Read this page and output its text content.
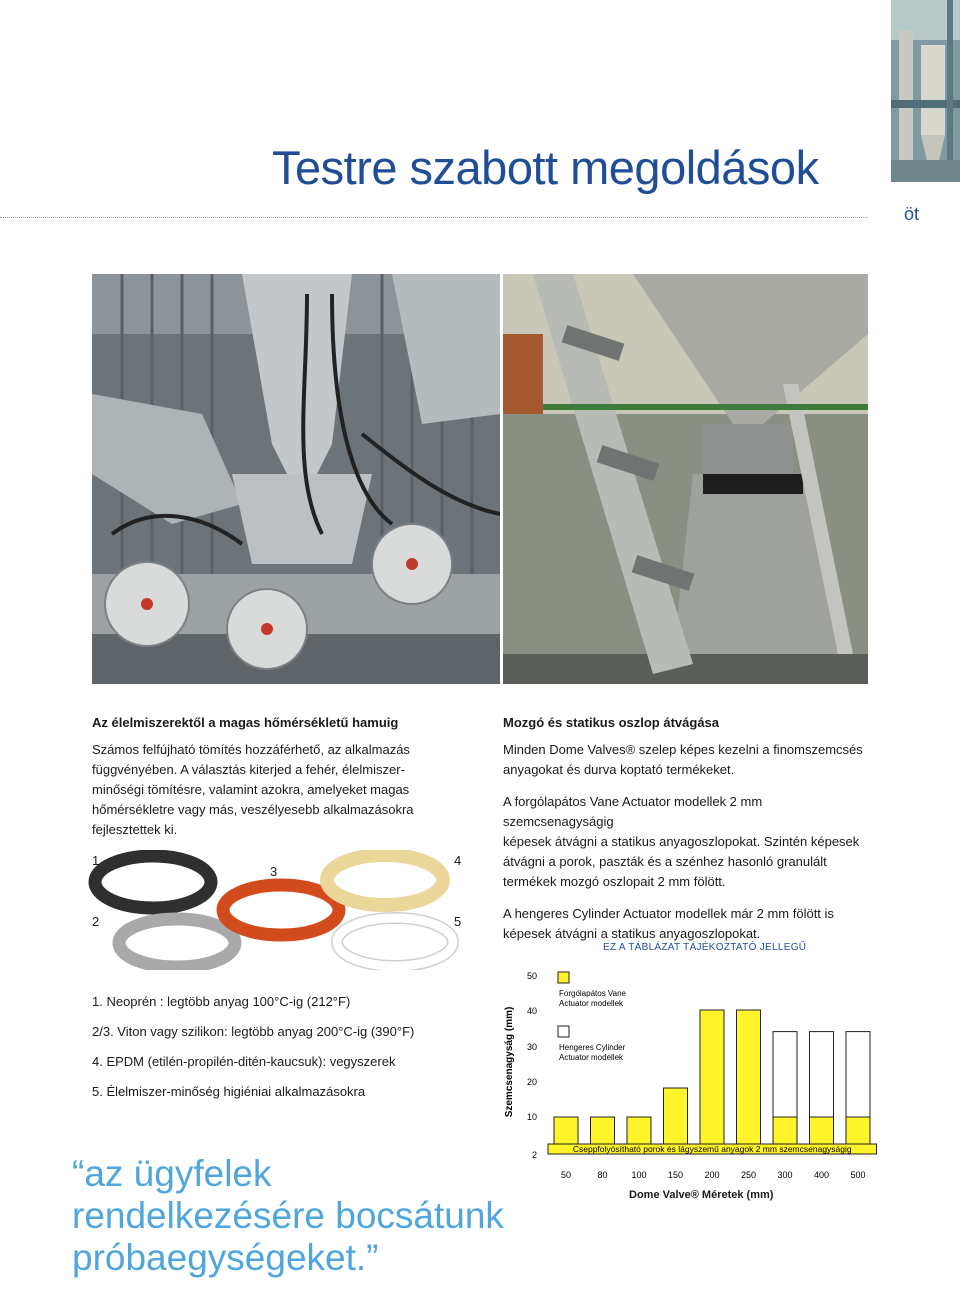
Testre szabott megoldások
öt
Az élelmiszerektől a magas hőmérsékletű hamuig

Számos felfújható tömítés hozzáférhető, az alkalmazás

függvényében. A választás kiterjed a fehér, élelmiszer-

minőségi tömítésre, valamint azokra, amelyeket magas

hőmérsékletre vagy más, veszélyesebb alkalmazásokra

fejlesztettek ki.

1
2
3
4
5

1. Neoprén : legtöbb anyag 100°C-ig (212°F)

2/3. Viton vagy szilikon: legtöbb anyag 200°C-ig (390°F)

4. EPDM (etilén-propilén-ditén-kaucsuk): vegyszerek

5. Élelmiszer-minőség higiéniai alkalmazásokra

“az ügyfelek
rendelkezésére bocsátunk
próbaegységeket.”
Mozgó és statikus oszlop átvágása

Minden Dome Valves® szelep képes kezelni a finomszemcsés

anyagokat és durva koptató termékeket.

A forgólapátos Vane Actuator modellek 2 mm szemcsenagyságig

képesek átvágni a statikus anyagoszlopokat. Szintén képesek

átvágni a porok, paszták és a szénhez hasonló granulált

termékek mozgó oszlopait 2 mm fölött.

A hengeres Cylinder Actuator modellek már 2 mm fölött is

képesek átvágni a statikus anyagoszlopokat.

EZ A TÁBLÁZAT TÁJÉKOZTATÓ JELLEGŰ
2
10
20
30
40
50
Szemcsenagyság (mm)
50	80	100 150 200 250 300 400 500
Cseppfolyósítható porok és lágyszemű anyagok 2 mm szemcsenagyságig
Forgólapátos Vane
Actuator modellek
Hengeres Cylinder
Actuator modellek
Dome Valve® Méretek (mm)
